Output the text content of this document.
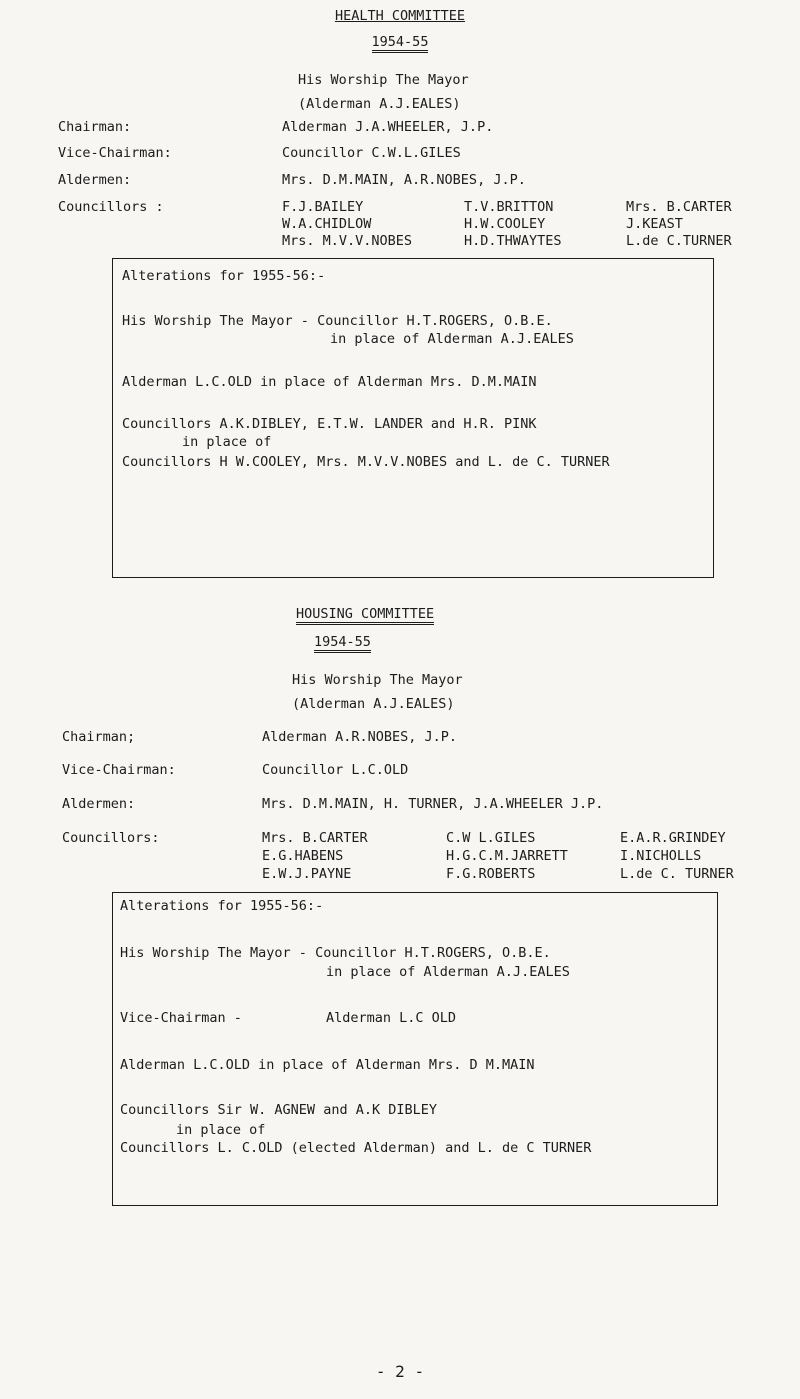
HEALTH COMMITTEE
1954-55
His Worship The Mayor
(Alderman A.J.EALES)
Chairman:	Alderman J.A.WHEELER, J.P.
Vice-Chairman:	Councillor C.W.L.GILES
Aldermen:	Mrs. D.M.MAIN, A.R.NOBES, J.P.
Councillors :	F.J.BAILEY	T.V.BRITTON	Mrs. B.CARTER
W.A.CHIDLOW	H.W.COOLEY	J.KEAST
Mrs. M.V.V.NOBES	H.D.THWAYTES	L.de C.TURNER
Alterations for 1955-56:-
His Worship The Mayor - Councillor H.T.ROGERS, O.B.E.
in place of Alderman A.J.EALES
Alderman L.C.OLD in place of Alderman Mrs. D.M.MAIN
Councillors A.K.DIBLEY, E.T.W. LANDER and H.R. PINK
in place of
Councillors H W.COOLEY, Mrs. M.V.V.NOBES and L. de C. TURNER
HOUSING COMMITTEE
1954-55
His Worship The Mayor
(Alderman A.J.EALES)
Chairman;	Alderman A.R.NOBES, J.P.
Vice-Chairman:	Councillor L.C.OLD
Aldermen:	Mrs. D.M.MAIN, H. TURNER, J.A.WHEELER J.P.
Councillors:	Mrs. B.CARTER	C.W L.GILES	E.A.R.GRINDEY
E.G.HABENS	H.G.C.M.JARRETT	I.NICHOLLS
E.W.J.PAYNE	F.G.ROBERTS	L.de C. TURNER
Alterations for 1955-56:-
His Worship The Mayor - Councillor H.T.ROGERS, O.B.E.
in place of Alderman A.J.EALES
Vice-Chairman -	Alderman L.C OLD
Alderman L.C.OLD in place of Alderman Mrs. D M.MAIN
Councillors Sir W. AGNEW and A.K DIBLEY
in place of
Councillors L. C.OLD (elected Alderman) and L. de C TURNER
- 2 -
